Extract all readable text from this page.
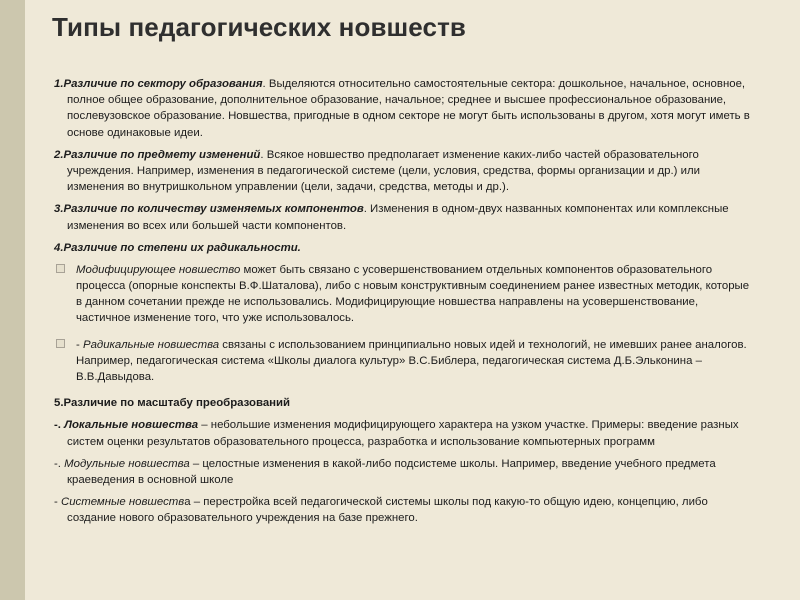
Типы педагогических новшеств

1.Различие по сектору образования. Выделяются относительно самостоятельные сектора: дошкольное, начальное, основное, полное общее образование, дополнительное образование, начальное; среднее и высшее профессиональное образование, послевузовское образование. Новшества, пригодные в одном секторе не могут быть использованы в другом, хотя могут иметь в основе одинаковые идеи.

2.Различие по предмету изменений. Всякое новшество предполагает изменение каких-либо частей образовательного учреждения. Например, изменения в педагогической системе (цели, условия, средства, формы организации и др.) или изменения во внутришкольном управлении (цели, задачи, средства, методы и др.).

3.Различие по количеству изменяемых компонентов. Изменения в одном-двух названных компонентах или комплексные изменения во всех или большей части компонентов.

4.Различие по степени их радикальности.

Модифицирующее новшество может быть связано с усовершенствованием отдельных компонентов образовательного процесса (опорные конспекты В.Ф.Шаталова), либо с новым конструктивным соединением ранее известных методик, которые в данном сочетании прежде не использовались. Модифицирующие новшества направлены на усовершенствование, частичное изменение того, что уже использовалось.
- Радикальные новшества связаны с использованием принципиально новых идей и технологий, не имевших ранее аналогов. Например, педагогическая система «Школы диалога культур» В.С.Библера, педагогическая система Д.Б.Эльконина – В.В.Давыдова.

5.Различие по масштабу преобразований

-. Локальные новшества – небольшие изменения модифицирующего характера на узком участке. Примеры: введение разных систем оценки результатов образовательного процесса, разработка и использование компьютерных программ

-. Модульные новшества – целостные изменения в какой-либо подсистеме школы. Например, введение учебного предмета краеведения в основной школе

- Системные новшества – перестройка всей педагогической системы школы под какую-то общую идею, концепцию, либо создание нового образовательного учреждения на базе прежнего.
